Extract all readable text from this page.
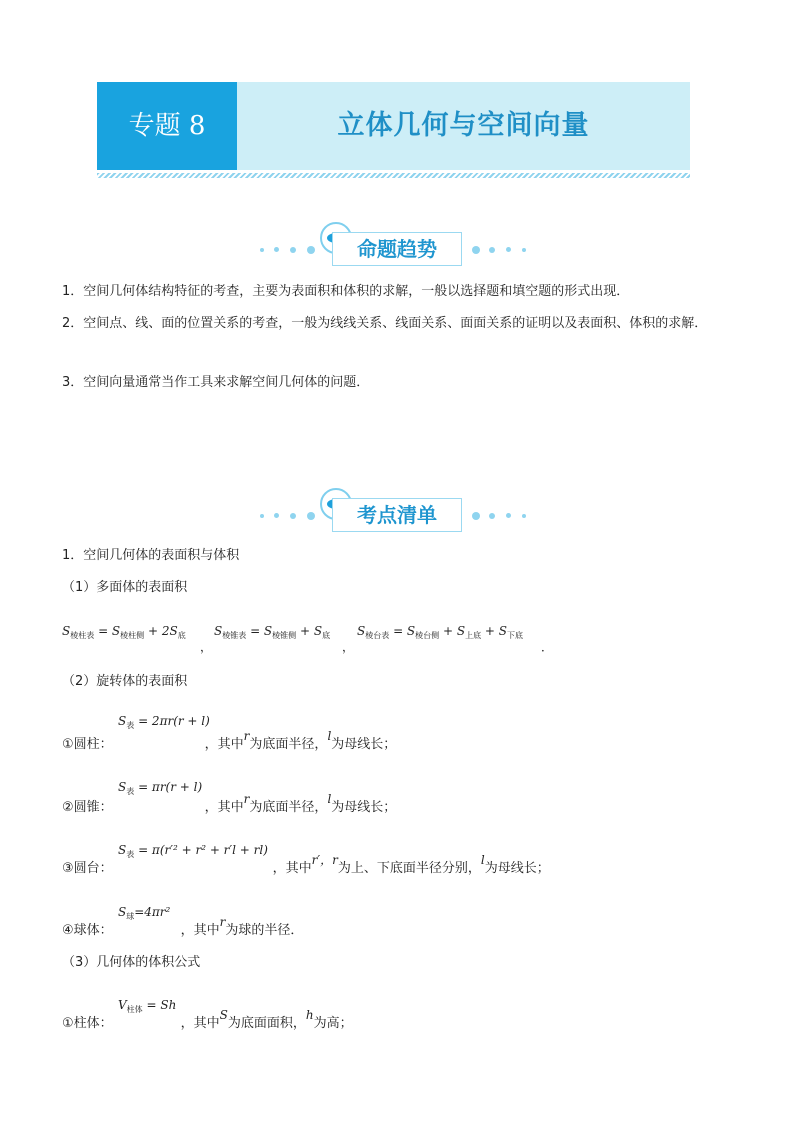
专题 8	立体几何与空间向量
命题趋势
1．空间几何体结构特征的考查，主要为表面积和体积的求解，一般以选择题和填空题的形式出现．
2．空间点、线、面的位置关系的考查，一般为线线关系、线面关系、面面关系的证明以及表面积、体积的求解．
3．空间向量通常当作工具来求解空间几何体的问题．
考点清单
1．空间几何体的表面积与体积
（1）多面体的表面积
$S_{棱柱表} = S_{棱柱侧} + 2S_底$
，
$S_{棱锥表} = S_{棱锥侧} + S_底$
，
$S_{棱台表} = S_{棱台侧} + S_{上底} + S_{下底}$
．
（2）旋转体的表面积
$S_表 = 2\pi r(r + l)$
①圆柱：	，其中r为底面半径，l为母线长；
$S_表 = \pi r(r + l)$
②圆锥：	，其中r为底面半径，l为母线长；
$S_表 = \pi(r'^2 + r^2 + r'l + rl)$
③圆台：	，其中r′，r为上、下底面半径分别，l为母线长；
$S_球=4\pi r^2$
④球体：	，其中r为球的半径．
（3）几何体的体积公式
$V_{柱体} = Sh$
①柱体：	，其中S为底面面积，h为高；
